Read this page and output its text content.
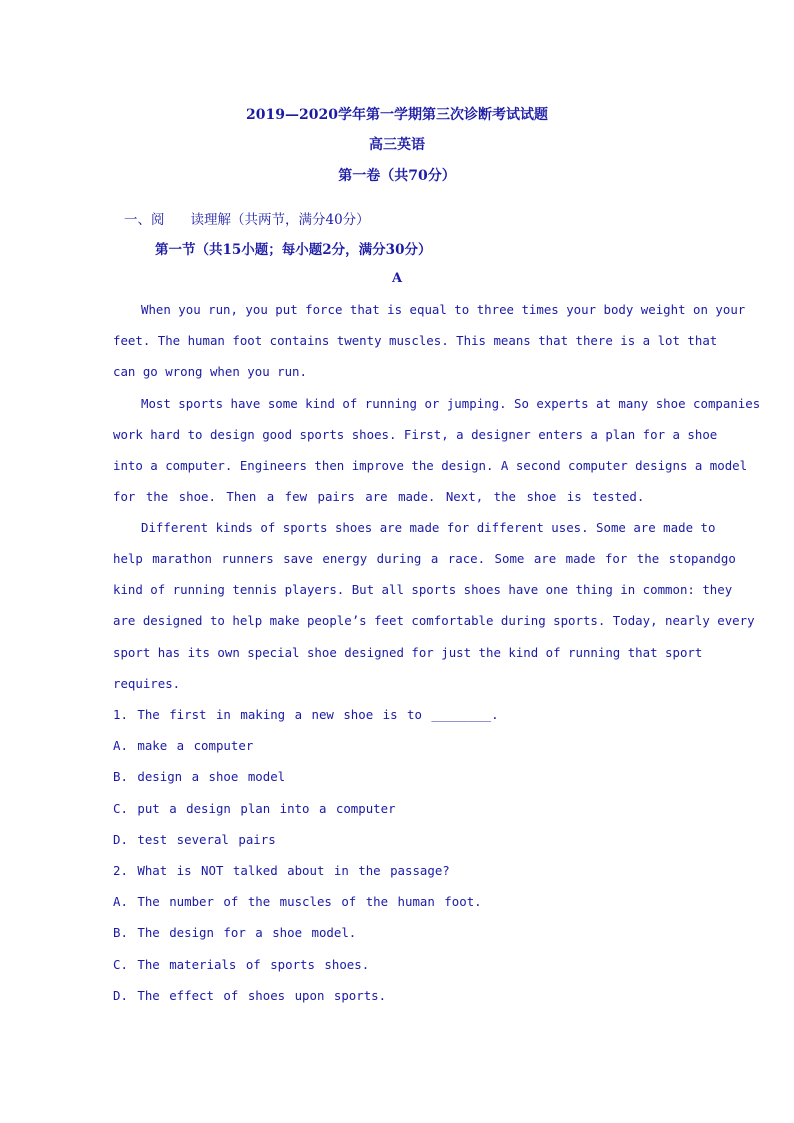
2019—2020学年第一学期第三次诊断考试试题
高三英语
第一卷（共70分）
一、阅 读理解（共两节，满分40分）
第一节（共15小题；每小题2分，满分30分）
A
When you run, you put force that is equal to three times your body weight on your
feet. The human foot contains twenty muscles. This means that there is a lot that
can go wrong when you run.
Most sports have some kind of running or jumping. So experts at many shoe companies
work hard to design good sports shoes. First, a designer enters a plan for a shoe
into a computer. Engineers then improve the design. A second computer designs a model
for the shoe. Then a few pairs are made. Next, the shoe is tested.
Different kinds of sports shoes are made for different uses. Some are made to
help marathon runners save energy during a race. Some are made for the stopandgo
kind of running tennis players. But all sports shoes have one thing in common: they
are designed to help make people’s feet comfortable during sports. Today, nearly every
sport has its own special shoe designed for just the kind of running that sport
requires.
1. The first in making a new shoe is to ________.
A. make a computer
B. design a shoe model
C. put a design plan into a computer
D. test several pairs
2. What is NOT talked about in the passage?
A. The number of the muscles of the human foot.
B. The design for a shoe model.
C. The materials of sports shoes.
D. The effect of shoes upon sports.
